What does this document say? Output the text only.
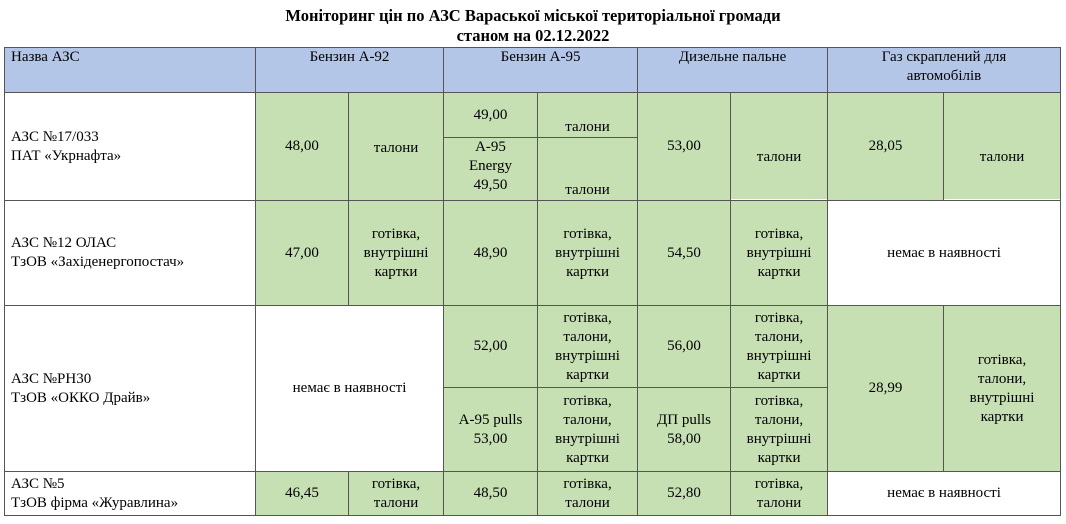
Моніторинг цін по АЗС Вараської міської територіальної громади
станом на 02.12.2022
Назва АЗС	Бензин А-92		Бензин А-95		Дизельне пальне		Газ скраплений для
автомобілів	

АЗС №17/033
ПАТ «Укрнафта»	48,00	талони	49,00	талони	53,00	талони	28,05	талони

			А-95
Energy
49,50	талони				

АЗС №12 ОЛАС
ТзОВ «Західенергопостач»	47,00	готівка,
внутрішні
картки	48,90	готівка,
внутрішні
картки	54,50	готівка,
внутрішні
картки	немає в наявності	

АЗС №РН30
ТзОВ «ОККО Драйв»	немає в наявності		52,00	готівка,
талони,
внутрішні
картки	56,00	готівка,
талони,
внутрішні
картки	28,99	готівка,
талони,
внутрішні
картки

			А-95 pulls
53,00	готівка,
талони,
внутрішні
картки	ДП pulls
58,00	готівка,
талони,
внутрішні
картки		

АЗС №5
ТзОВ фірма «Журавлина»	46,45	готівка,
талони	48,50	готівка,
талони	52,80	готівка,
талони	немає в наявності	
